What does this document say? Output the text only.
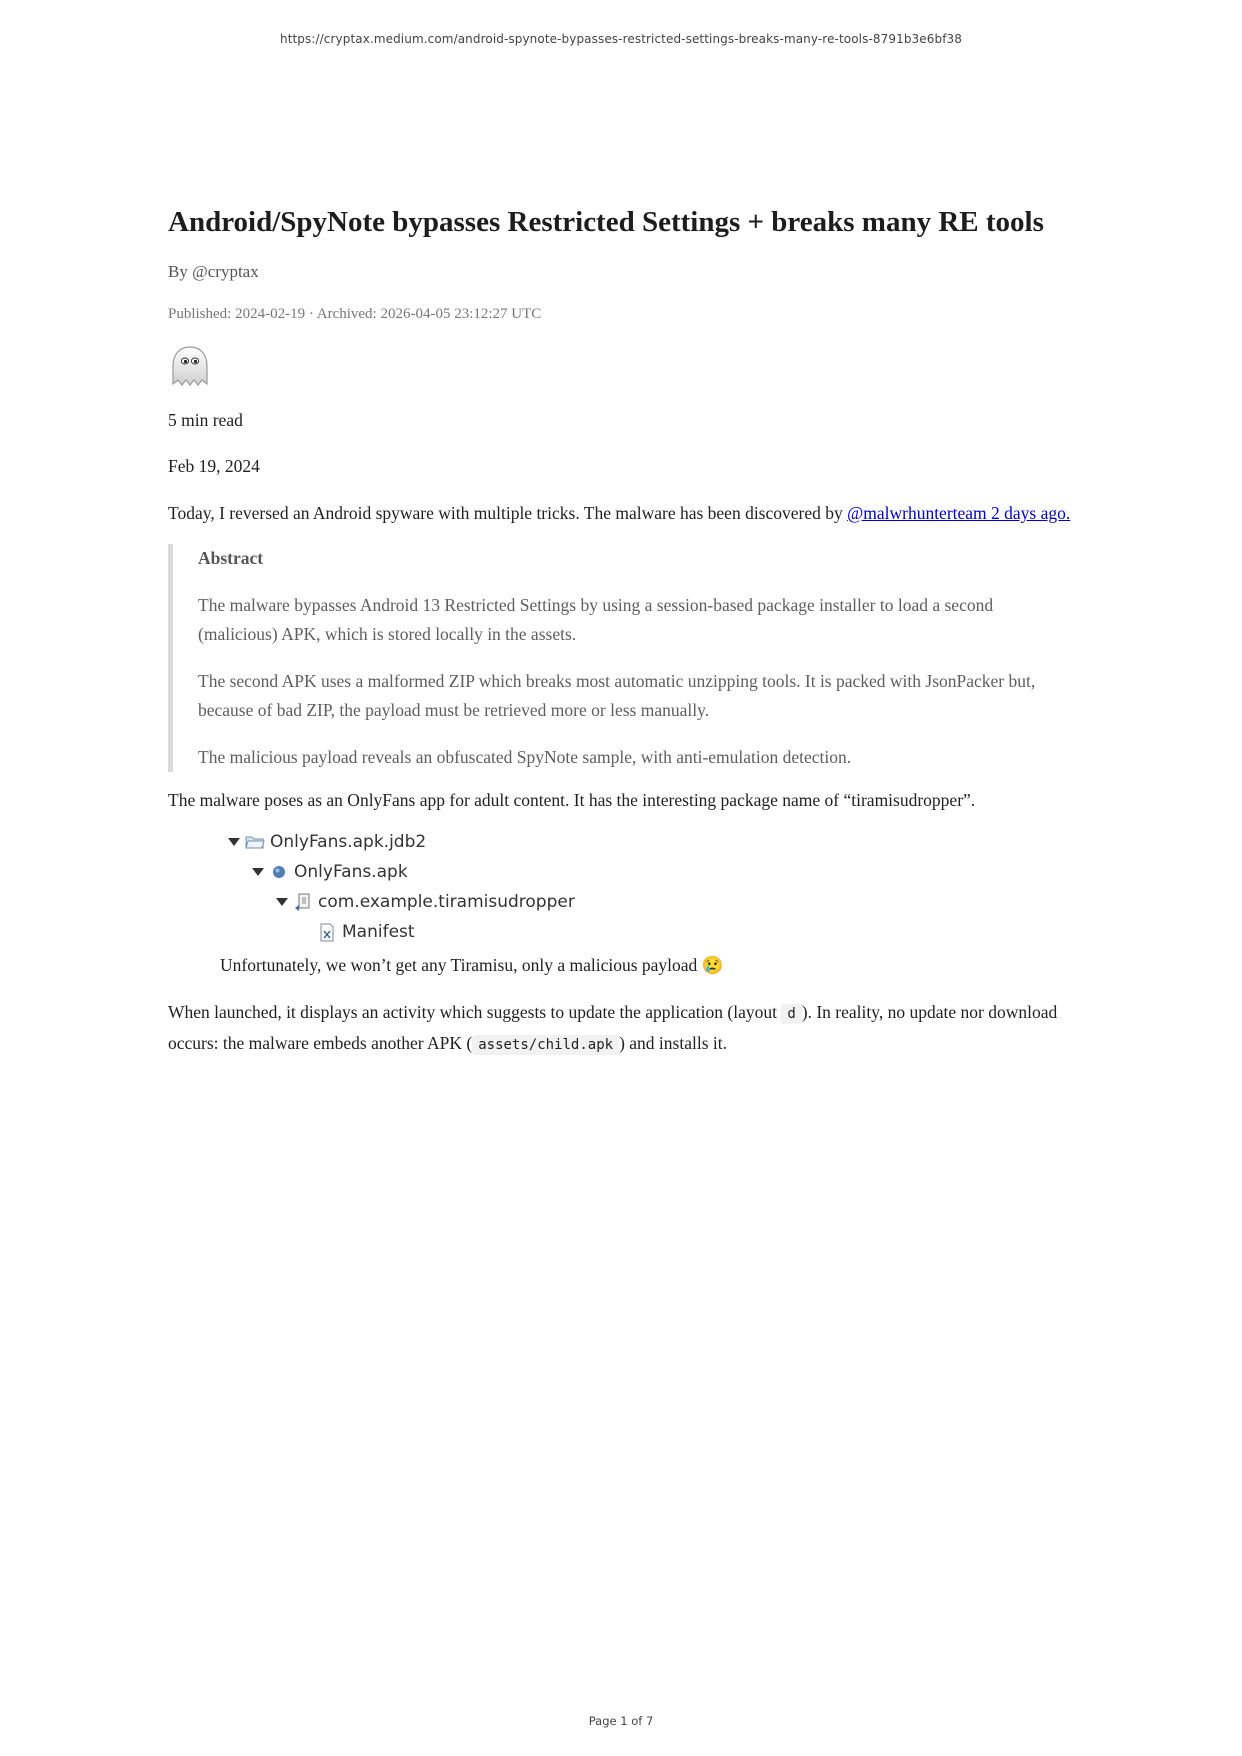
https://cryptax.medium.com/android-spynote-bypasses-restricted-settings-breaks-many-re-tools-8791b3e6bf38
Android/SpyNote bypasses Restricted Settings + breaks many RE tools
By @cryptax
Published: 2024-02-19 · Archived: 2026-04-05 23:12:27 UTC

5 min read

Feb 19, 2024

Today, I reversed an Android spyware with multiple tricks. The malware has been discovered by @malwrhunterteam 2 days ago.

Abstract

The malware bypasses Android 13 Restricted Settings by using a session-based package installer to load a second (malicious) APK, which is stored locally in the assets.

The second APK uses a malformed ZIP which breaks most automatic unzipping tools. It is packed with JsonPacker but, because of bad ZIP, the payload must be retrieved more or less manually.

The malicious payload reveals an obfuscated SpyNote sample, with anti-emulation detection.

The malware poses as an OnlyFans app for adult content. It has the interesting package name of “tiramisudropper”.

OnlyFans.apk.jdb2
OnlyFans.apk
com.example.tiramisudropper
Manifest

Unfortunately, we won’t get any Tiramisu, only a malicious payload 😢

When launched, it displays an activity which suggests to update the application (layout d ). In reality, no update nor download occurs: the malware embeds another APK ( assets/child.apk ) and installs it.

Page 1 of 7
